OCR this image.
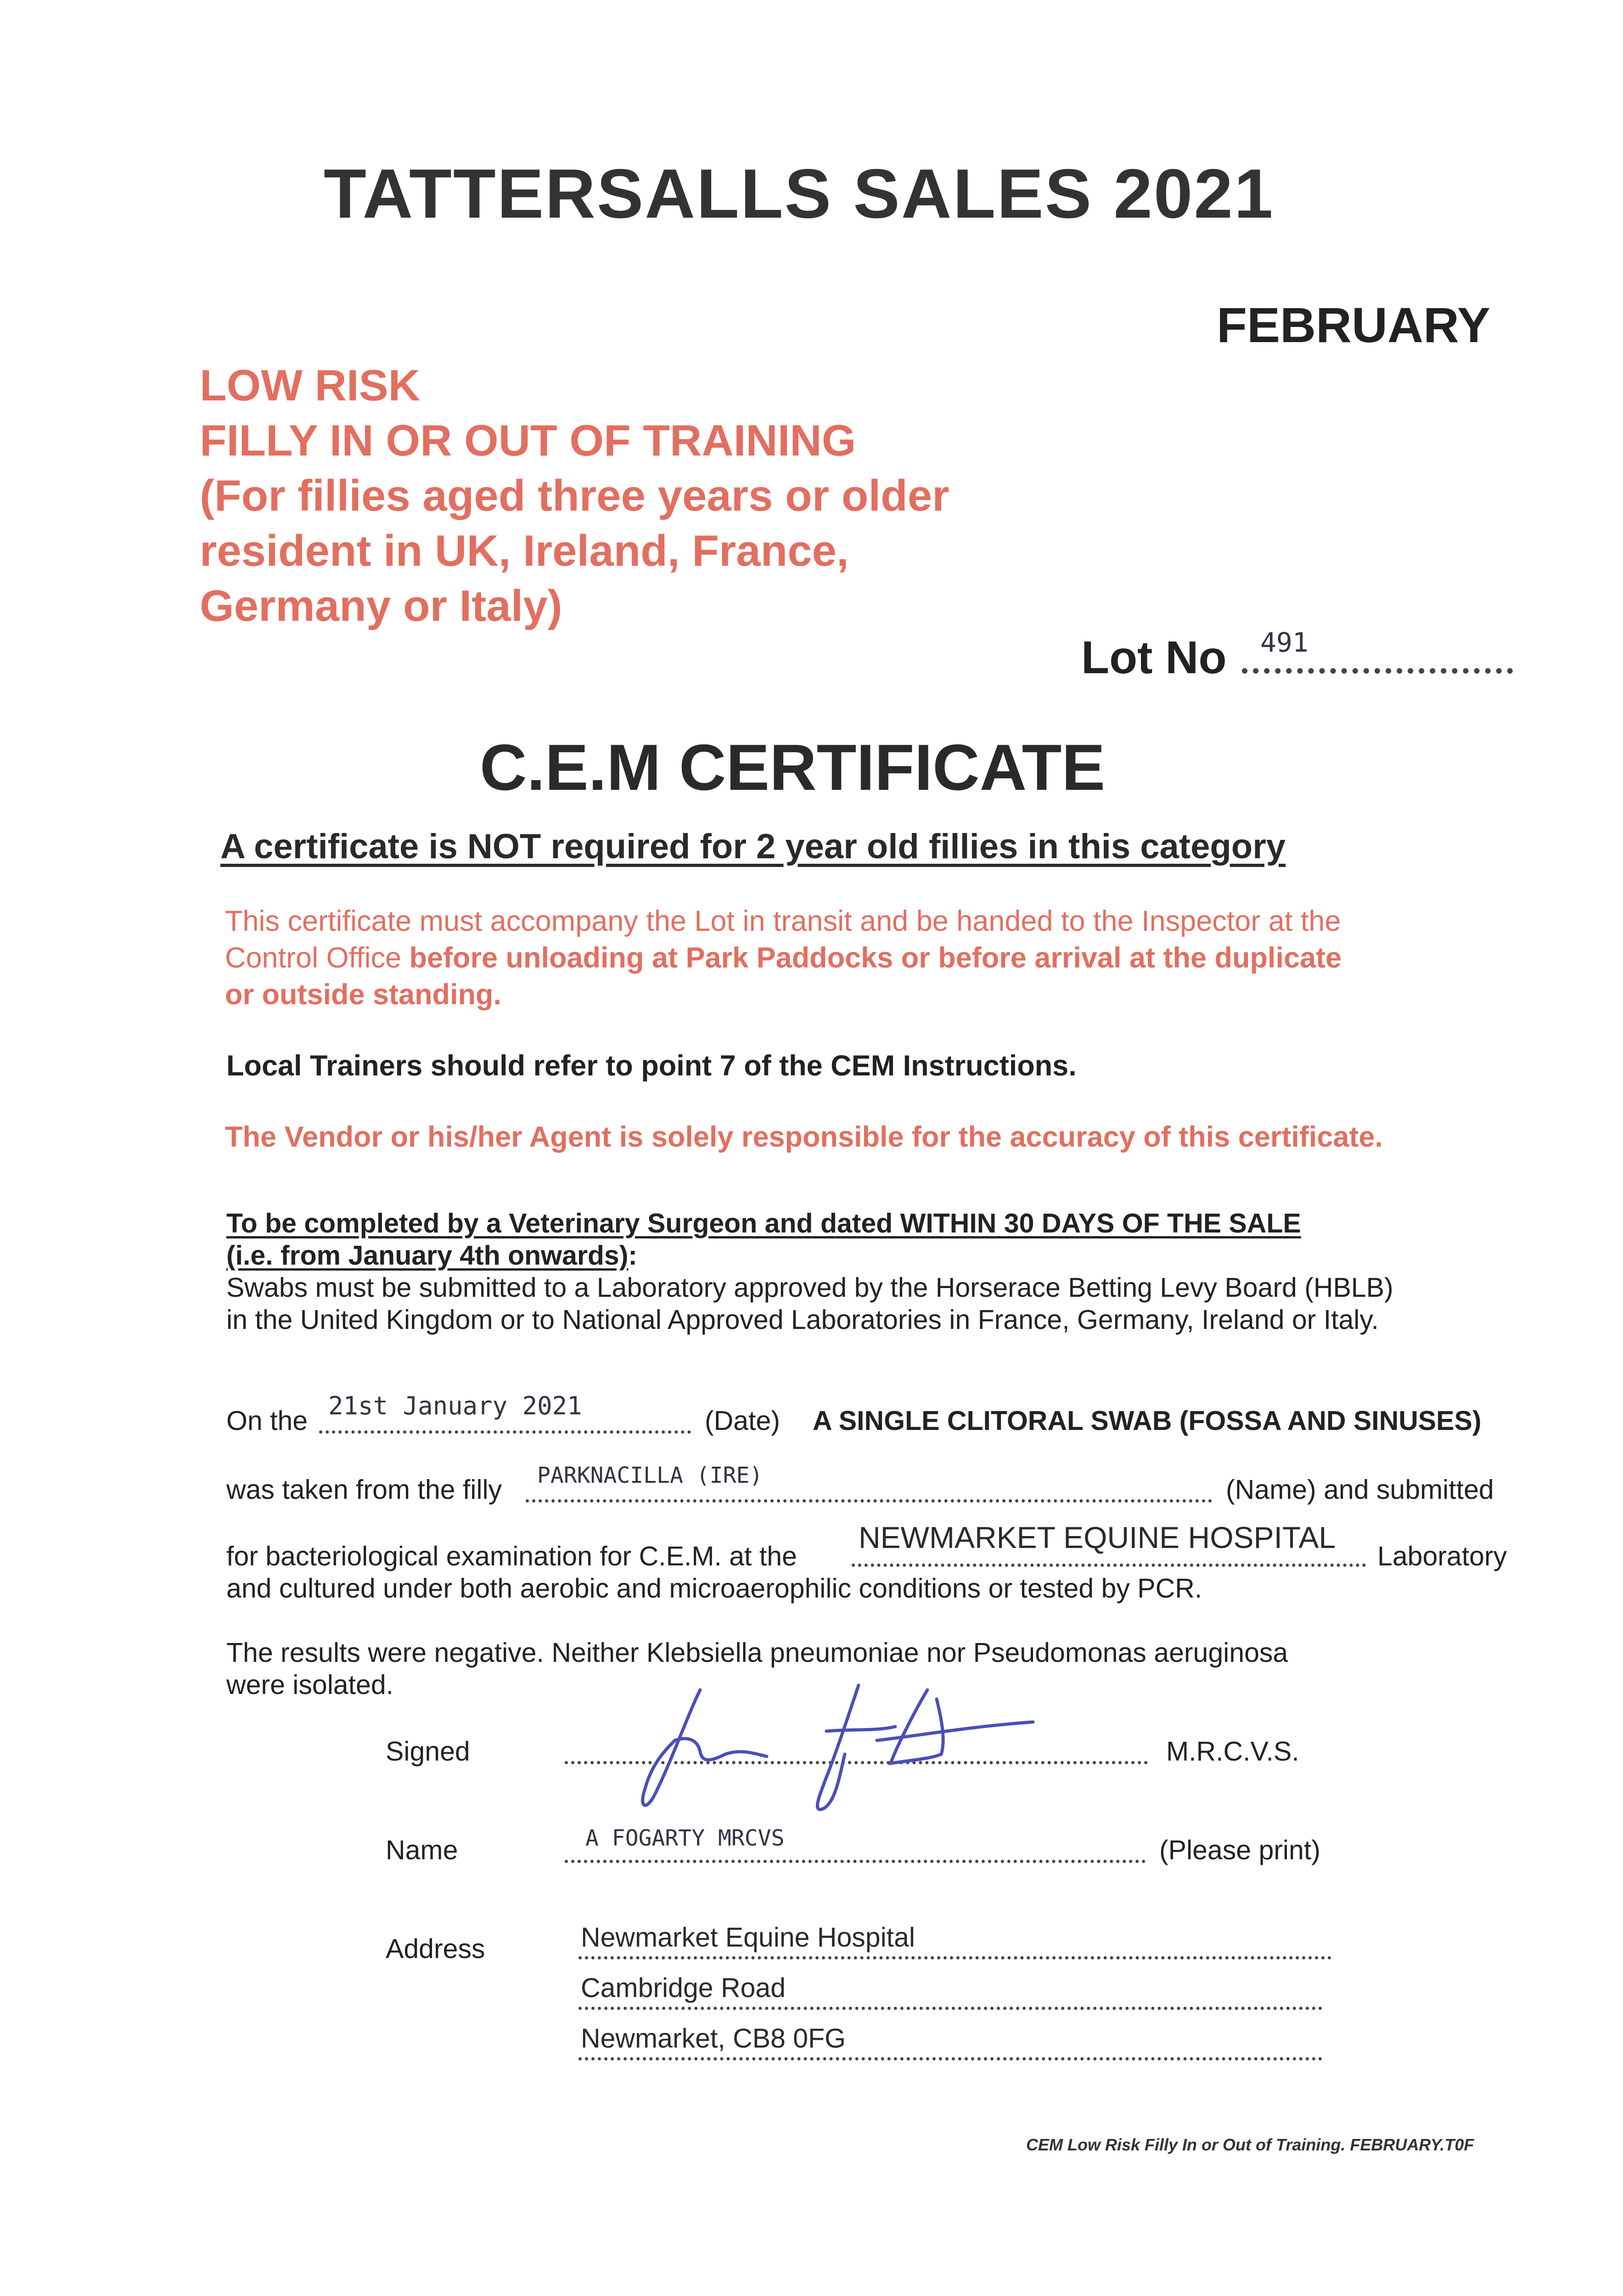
TATTERSALLS SALES 2021
FEBRUARY
LOW RISK
FILLY IN OR OUT OF TRAINING
(For fillies aged three years or older
resident in UK, Ireland, France,
Germany or Italy)
Lot No 491
C.E.M CERTIFICATE
A certificate is NOT required for 2 year old fillies in this category
This certificate must accompany the Lot in transit and be handed to the Inspector at the
Control Office before unloading at Park Paddocks or before arrival at the duplicate
or outside standing.
Local Trainers should refer to point 7 of the CEM Instructions.
The Vendor or his/her Agent is solely responsible for the accuracy of this certificate.
To be completed by a Veterinary Surgeon and dated WITHIN 30 DAYS OF THE SALE
(i.e. from January 4th onwards):
Swabs must be submitted to a Laboratory approved by the Horserace Betting Levy Board (HBLB)
in the United Kingdom or to National Approved Laboratories in France, Germany, Ireland or Italy.
On the 21st January 2021	(Date) A SINGLE CLITORAL SWAB (FOSSA AND SINUSES)
was taken from the filly PARKNACILLA (IRE)	(Name) and submitted
for bacteriological examination for C.E.M. at the
NEWMARKET EQUINE HOSPITAL
Laboratory
and cultured under both aerobic and microaerophilic conditions or tested by PCR.
The results were negative. Neither Klebsiella pneumoniae nor Pseudomonas aeruginosa
were isolated.
Signed	M.R.C.V.S.
Name	A FOGARTY MRCVS	(Please print)
Address	Newmarket Equine Hospital
Cambridge Road
Newmarket, CB8 0FG
CEM Low Risk Filly In or Out of Training. FEBRUARY.T0F
